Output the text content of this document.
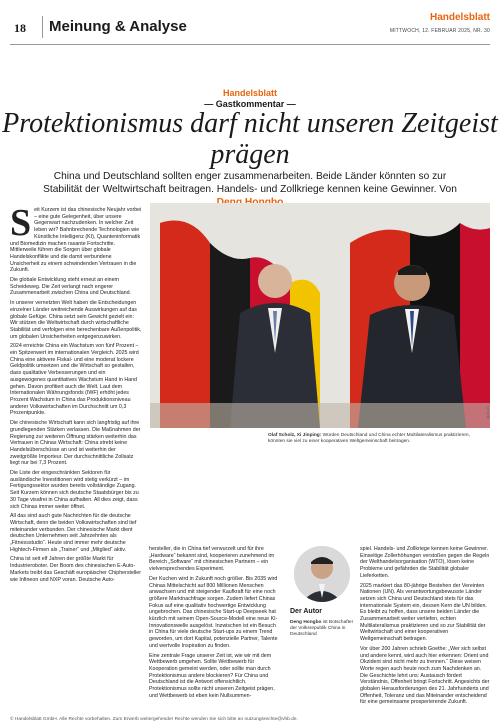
18	Meinung & Analyse
Handelsblatt
MITTWOCH, 12. FEBRUAR 2025, NR. 30
Handelsblatt
— Gastkommentar —
Protektionismus darf nicht unseren Zeitgeist prägen
China und Deutschland sollten enger zusammenarbeiten. Beide Länder könnten so zur Stabilität der Weltwirtschaft beitragen. Handels- und Zollkriege kennen keine Gewinner. Von

Seit Kurzem ist das chinesische Neujahr vorbei – eine gute Gelegenheit, über unsere Gegenwart nachzudenken. In welcher Zeit leben wir? Bahnbrechende Technologien wie Künstliche Intelligenz (KI), Quanteninformatik und Biomedizin machen rasante Fortschritte. Mittlerweile führen die Sorgen über globale Handelskonflikte und die damit verbundene Unsicherheit zu einem schwindenden Vertrauen in die Zukunft.

Die globale Entwicklung steht erneut an einem Scheideweg. Die Zeit verlangt nach engerer Zusammenarbeit zwischen China und Deutschland.

In unserer vernetzten Welt haben die Entscheidungen einzelner Länder weitreichende Auswirkungen auf das globale Gefüge. China setzt sein Gewicht gezielt ein: Wir stützen die Weltwirtschaft durch wirtschaftliche Stabilität und verfolgen eine berechenbare Außenpolitik, um globalen Unsicherheiten entgegenzuwirken.

2024 erreichte China ein Wachstum von fünf Prozent – ein Spitzenwert im internationalen Vergleich. 2025 wird China eine aktivere Fiskal- und eine moderat lockere Geldpolitik umsetzen und die Wirtschaft so gestalten, dass qualitative Verbesserungen und ein ausgewogenes quantitatives Wachstum Hand in Hand gehen. Davon profitiert auch die Welt. Laut dem Internationalen Währungsfonds (IWF) erhöht jedes Prozent Wachstum in China das Produktionsniveau anderer Volkswirtschaften im Durchschnitt um 0,3 Prozentpunkte.

Die chinesische Wirtschaft kann sich langfristig auf ihre grundlegenden Stärken verlassen. Die Maßnahmen der Regierung zur weiteren Öffnung stärken weiterhin das Vertrauen in Chinas Wirtschaft: China strebt keine Handelsüberschüsse an und ist weiterhin der zweitgrößte Importeur. Der durchschnittliche Zollsatz liegt nur bei 7,3 Prozent.

Die Liste der eingeschränkten Sektoren für ausländische Investitionen wird stetig verkürzt – im Fertigungssektor wurden bereits vollständige Zugang. Seit Kurzem können sich deutsche Staatsbürger bis zu 30 Tage visafrei in China aufhalten. All dies zeigt, dass sich Chinas immer weiter öffnet.

All das sind auch gute Nachrichten für die deutsche Wirtschaft, denn die beiden Volkswirtschaften sind tief miteinander verbunden. Der chinesische Markt dient deutschen Unternehmen seit Jahrzehnten als „Fitnessstudio“. Heute sind immer mehr deutsche Hightech-Firmen als „Trainer“ und „Mitglied“ aktiv.

China ist seit elf Jahren der größte Markt für Industrieroboter. Der Boom des chinesischen E-Auto-Markets treibt das Geschäft europäischer Chiphersteller wie Infineon und NXP voran. Deutsche Auto-

dpa (2)
Olaf Scholz, Xi Jinping: Würden Deutschland und China echter Multilateralismus praktizieren, könnten sie viel zu einer kooperativen Weltgemeinschaft beitragen.

hersteller, die in China tief verwurzelt und für ihre „Hardware“ bekannt sind, kooperieren zunehmend im Bereich „Software“ mit chinesischen Partnern – ein vielversprechendes Experiment.

Der Kuchen wird in Zukunft noch größer. Bis 2035 wird Chinas Mittelschicht auf 800 Millionen Menschen anwachsen und mit steigender Kaufkraft für eine noch größere Marktnachfrage sorgen. Zudem liefert Chinas Fokus auf eine qualitativ hochwertige Entwicklung ungebrochen. Das chinesische Start-up Deepseek hat kürzlich mit seinem Open-Source-Modell eine neue KI-Innovationswelle ausgelöst. Inzwischen ist ein Besuch in China für viele deutsche Start-ups zu einem Trend geworden, um dort Kapital, potenzielle Partner, Talente und wertvolle Inspiration zu finden.

Eine zentrale Frage unserer Zeit ist, wie wir mit dem Wettbewerb umgehen. Sollte Wettbewerb für Kooperation gemeint werden, oder sollte man durch Protektionismus andere blockieren? Für China und Deutschland ist die Antwort offensichtlich. Protektionismus sollte nicht unseren Zeitgeist prägen, und Wettbewerb ist eben kein Nullsummen-

Der Autor
Deng Hongbo ist Botschafter der Volksrepublik China in Deutschland

spiel. Handels- und Zollkriege kennen keine Gewinner. Einseitige Zollerhöhungen verstoßen gegen die Regeln der Welthandelsorganisation (WTO), lösen keine Probleme und gefährden die Stabilität globaler Lieferketten.

2025 markiert das 80-jährige Bestehen der Vereinten Nationen (UN). Als verantwortungsbewusste Länder setzen sich China und Deutschland stets für das internationale System ein, dessen Kern die UN bilden. Es bleibt zu hoffen, dass unsere beiden Länder die Zusammenarbeit weiter vertiefen, echten Multilateralismus praktizieren und so zur Stabilität der Weltwirtschaft und einer kooperativen Weltgemeinschaft beitragen.

Vor über 200 Jahren schrieb Goethe: „Wer sich selbst und andere kennt, wird auch hier erkennen: Orient und Okzident sind nicht mehr zu trennen.“ Diese weisen Worte regen auch heute noch zum Nachdenken an. Die Geschichte lehrt uns: Austausch fördert Verständnis, Offenheit bringt Fortschritt. Angesichts der globalen Herausforderungen des 21. Jahrhunderts und Offenheit, Toleranz und das Miteinander entscheidend für eine gemeinsame prosperierende Zukunft.

© Handelsblatt GmbH. Alle Rechte vorbehalten. Zum Erwerb weitergehender Rechte wenden Sie sich bitte an nutzungsrechte@vhb.de.
